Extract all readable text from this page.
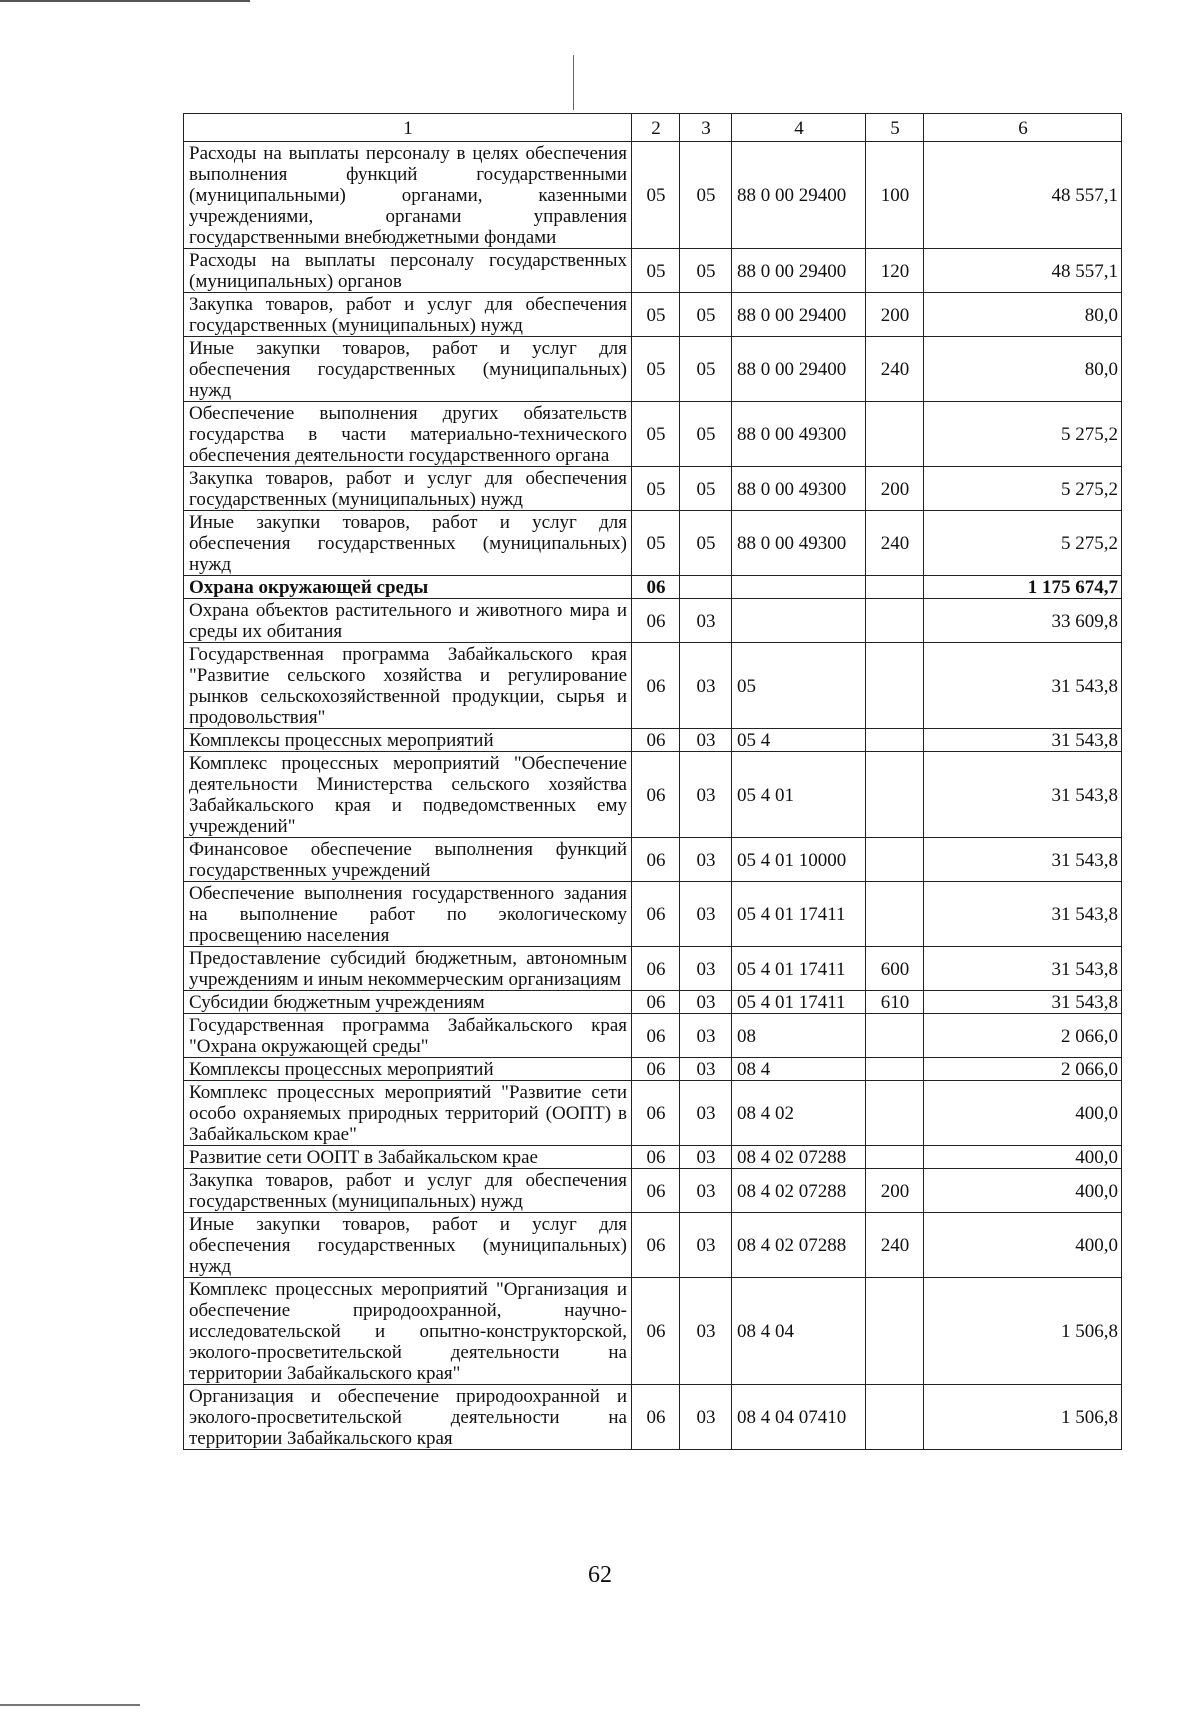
1	2	3	4	5	6
Расходы на выплаты персоналу в целях обеспечения выполнения функций государственными (муниципальными) органами, казенными учреждениями, органами управления государственными внебюджетными фондами	05	05	88 0 00 29400	100	48 557,1
Расходы на выплаты персоналу государственных (муниципальных) органов	05	05	88 0 00 29400	120	48 557,1
Закупка товаров, работ и услуг для обеспечения государственных (муниципальных) нужд	05	05	88 0 00 29400	200	80,0
Иные закупки товаров, работ и услуг для обеспечения государственных (муниципальных) нужд	05	05	88 0 00 29400	240	80,0
Обеспечение выполнения других обязательств государства в части материально-технического обеспечения деятельности государственного органа	05	05	88 0 00 49300		5 275,2
Закупка товаров, работ и услуг для обеспечения государственных (муниципальных) нужд	05	05	88 0 00 49300	200	5 275,2
Иные закупки товаров, работ и услуг для обеспечения государственных (муниципальных) нужд	05	05	88 0 00 49300	240	5 275,2
Охрана окружающей среды	06				1 175 674,7
Охрана объектов растительного и животного мира и среды их обитания	06	03			33 609,8
Государственная программа Забайкальского края "Развитие сельского хозяйства и регулирование рынков сельскохозяйственной продукции, сырья и продовольствия"	06	03	05		31 543,8
Комплексы процессных мероприятий	06	03	05 4		31 543,8
Комплекс процессных мероприятий "Обеспечение деятельности Министерства сельского хозяйства Забайкальского края и подведомственных ему учреждений"	06	03	05 4 01		31 543,8
Финансовое обеспечение выполнения функций государственных учреждений	06	03	05 4 01 10000		31 543,8
Обеспечение выполнения государственного задания на выполнение работ по экологическому просвещению населения	06	03	05 4 01 17411		31 543,8
Предоставление субсидий бюджетным, автономным учреждениям и иным некоммерческим организациям	06	03	05 4 01 17411	600	31 543,8
Субсидии бюджетным учреждениям	06	03	05 4 01 17411	610	31 543,8
Государственная программа Забайкальского края "Охрана окружающей среды"	06	03	08		2 066,0
Комплексы процессных мероприятий	06	03	08 4		2 066,0
Комплекс процессных мероприятий "Развитие сети особо охраняемых природных территорий (ООПТ) в Забайкальском крае"	06	03	08 4 02		400,0
Развитие сети ООПТ в Забайкальском крае	06	03	08 4 02 07288		400,0
Закупка товаров, работ и услуг для обеспечения государственных (муниципальных) нужд	06	03	08 4 02 07288	200	400,0
Иные закупки товаров, работ и услуг для обеспечения государственных (муниципальных) нужд	06	03	08 4 02 07288	240	400,0
Комплекс процессных мероприятий "Организация и обеспечение природоохранной, научно-исследовательской и опытно-конструкторской, эколого-просветительской деятельности на территории Забайкальского края"	06	03	08 4 04		1 506,8
Организация и обеспечение природоохранной и эколого-просветительской деятельности на территории Забайкальского края	06	03	08 4 04 07410		1 506,8
62
